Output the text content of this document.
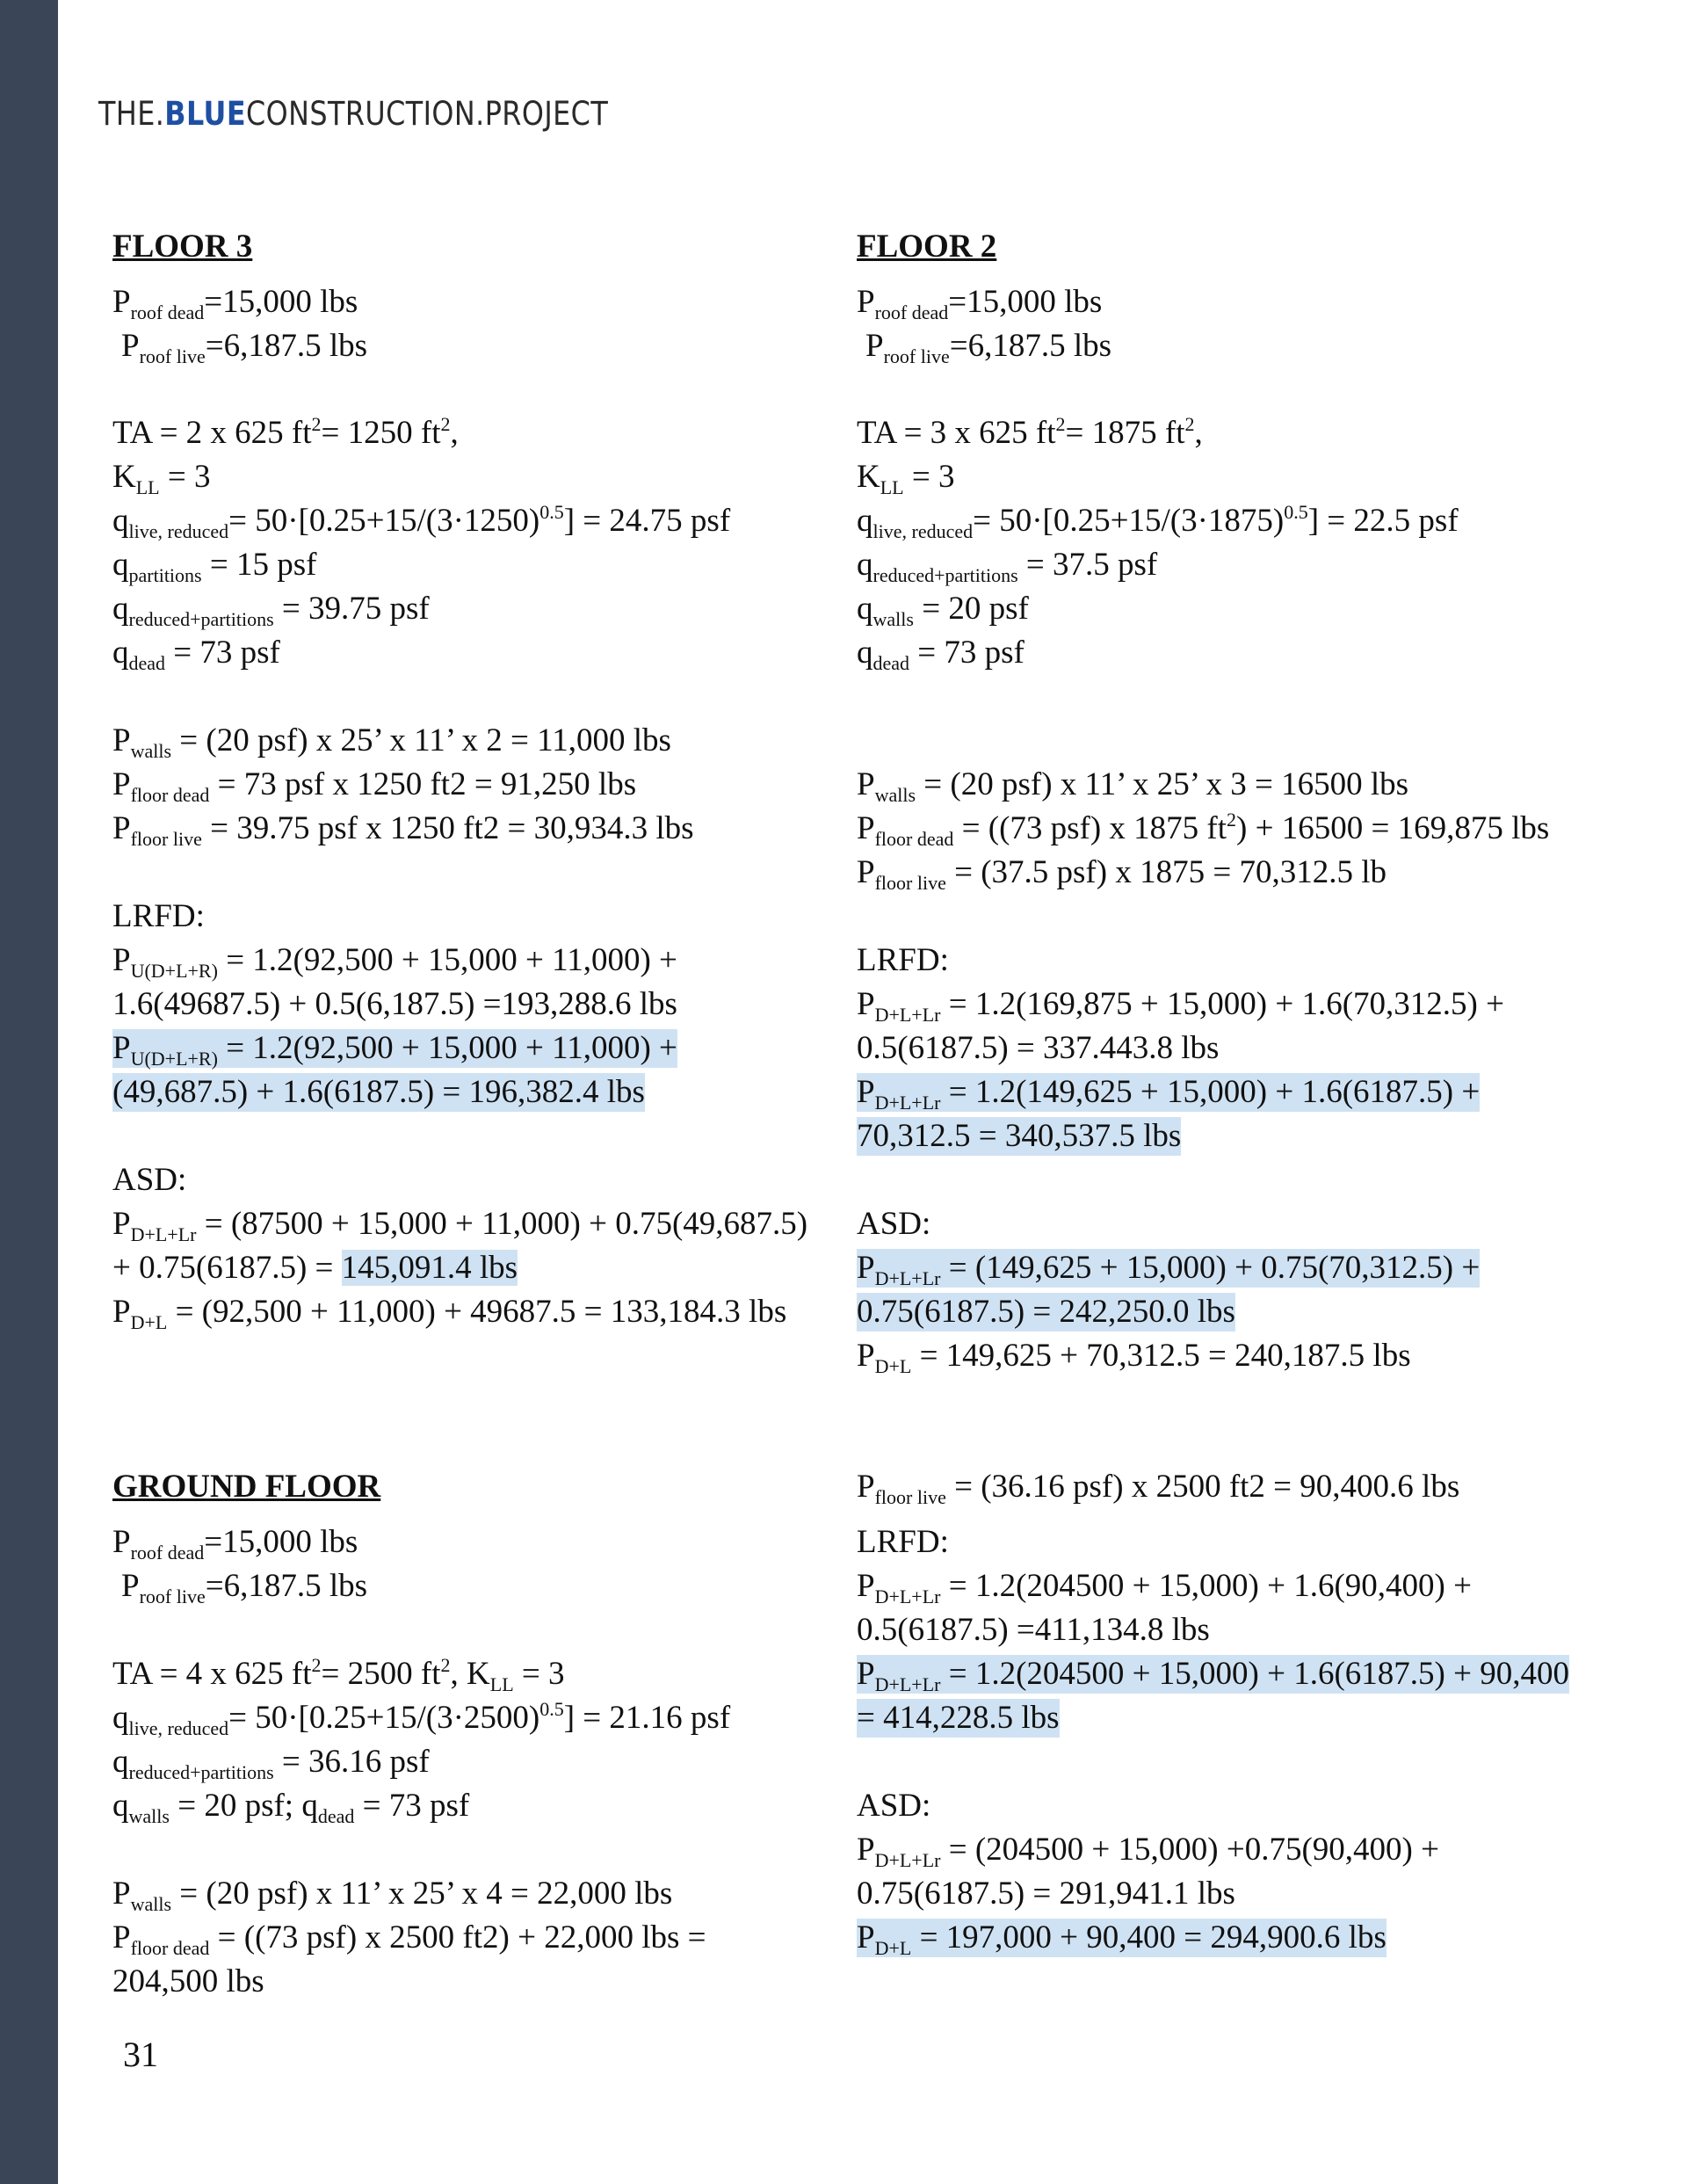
THE.BLUECONSTRUCTION.PROJECT
FLOOR 3
$P_{roof dead}=15,000$ lbs
$P_{roof live}=6,187.5$ lbs
TA = 2 x 625 $ft^2= 1250$ $ft^2$,
$K_{LL} = 3$
$q_{live, reduced}= 50\cdot[0.25+15/(3\cdot 1250)^{0.5}] = 24.75$ psf
$q_{partitions} = 15$ psf
$q_{reduced+partitions} = 39.75$ psf
$q_{dead} = 73$ psf
$P_{walls} = (20$ psf) x 25’ x 11’ x 2 = 11,000 lbs
$P_{floor dead} = 73$ psf x 1250 ft2 = 91,250 lbs
$P_{floor live} = 39.75$ psf x 1250 ft2 = 30,934.3 lbs
LRFD:
$P_{U(D+L+R)} = 1.2(92,500 + 15,000 + 11,000)$ +
1.6(49687.5) + 0.5(6,187.5) =193,288.6 lbs
$P_{U(D+L+R)} = 1.2(92,500 + 15,000 + 11,000)$ +
(49,687.5) + 1.6(6187.5) = 196,382.4 lbs
ASD:
$P_{D+L+Lr} = (87500 + 15,000 + 11,000) + 0.75(49,687.5)$
+ 0.75(6187.5) = 145,091.4 lbs
$P_{D+L} = (92,500 + 11,000) + 49687.5 = 133,184.3$ lbs
FLOOR 2
$P_{roof dead}=15,000$ lbs
$P_{roof live}=6,187.5$ lbs
TA = 3 x 625 $ft^2= 1875$ $ft^2$,
$K_{LL} = 3$
$q_{live, reduced}= 50\cdot[0.25+15/(3\cdot 1875)^{0.5}] = 22.5$ psf
$q_{reduced+partitions} = 37.5$ psf
$q_{walls} = 20$ psf
$q_{dead} = 73$ psf
$P_{walls} = (20$ psf) x 11’ x 25’ x 3 = 16500 lbs
$P_{floor dead} = ((73$ psf) x 1875 $ft^2) + 16500 = 169,875$ lbs
$P_{floor live} = (37.5$ psf) x 1875 = 70,312.5 lb
LRFD:
$P_{D+L+Lr} = 1.2(169,875 + 15,000) + 1.6(70,312.5)$ +
0.5(6187.5) = 337.443.8 lbs
$P_{D+L+Lr} = 1.2(149,625 + 15,000) + 1.6(6187.5)$ +
70,312.5 = 340,537.5 lbs
ASD:
$P_{D+L+Lr} = (149,625 + 15,000) + 0.75(70,312.5)$ +
0.75(6187.5) = 242,250.0 lbs
$P_{D+L} = 149,625 + 70,312.5 = 240,187.5$ lbs
GROUND FLOOR
$P_{roof dead}=15,000$ lbs
$P_{roof live}=6,187.5$ lbs
TA = 4 x 625 $ft^2= 2500$ $ft^2$, $K_{LL} = 3$
$q_{live, reduced}= 50\cdot[0.25+15/(3\cdot 2500)^{0.5}] = 21.16$ psf
$q_{reduced+partitions} = 36.16$ psf
$q_{walls} = 20$ psf; $q_{dead} = 73$ psf
$P_{walls} = (20$ psf) x 11’ x 25’ x 4 = 22,000 lbs
$P_{floor dead} = ((73$ psf) x 2500 ft2) + 22,000 lbs =
204,500 lbs
$P_{floor live} = (36.16$ psf) x 2500 ft2 = 90,400.6 lbs
LRFD:
$P_{D+L+Lr} = 1.2(204500 + 15,000) + 1.6(90,400)$ +
0.5(6187.5) =411,134.8 lbs
$P_{D+L+Lr} = 1.2(204500 + 15,000) + 1.6(6187.5) + 90,400$
= 414,228.5 lbs
ASD:
$P_{D+L+Lr} = (204500 + 15,000) +0.75(90,400)$ +
0.75(6187.5) = 291,941.1 lbs
$P_{D+L} = 197,000 + 90,400 = 294,900.6$ lbs
31
